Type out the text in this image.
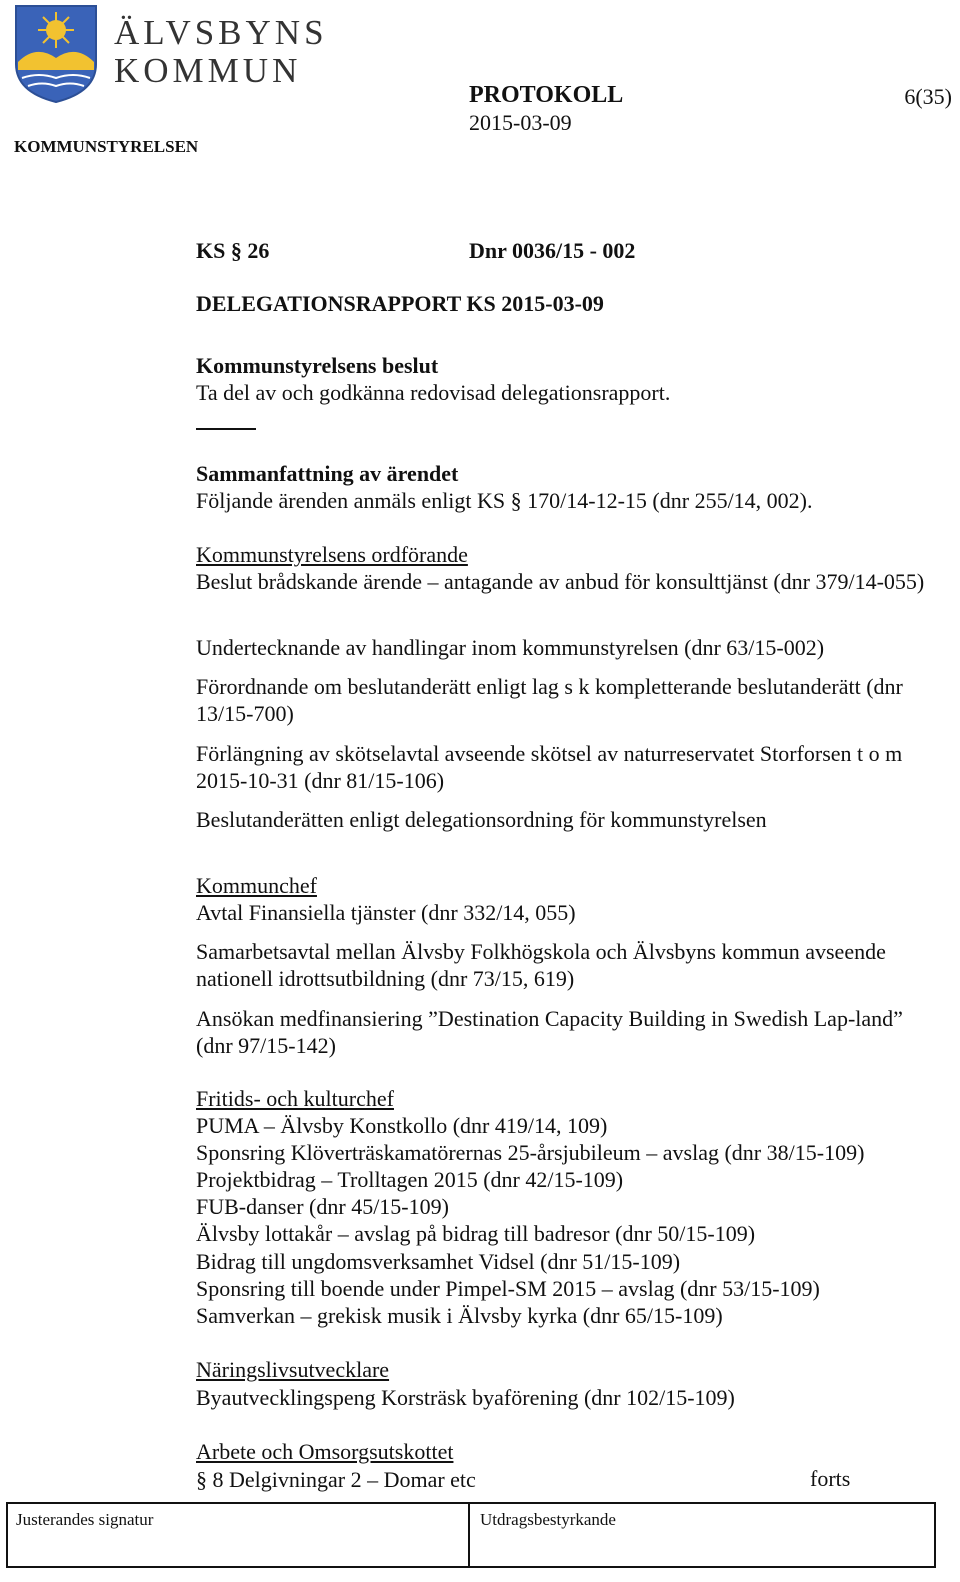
ÄLVSBYNS
KOMMUN
KOMMUNSTYRELSEN
PROTOKOLL
2015-03-09
6(35)
KS § 26	Dnr 0036/15 - 002
DELEGATIONSRAPPORT KS 2015-03-09
Kommunstyrelsens beslut
Ta del av och godkänna redovisad delegationsrapport.
Sammanfattning av ärendet
Följande ärenden anmäls enligt KS § 170/14-12-15 (dnr 255/14, 002).
Kommunstyrelsens ordförande
Beslut brådskande ärende – antagande av anbud för konsulttjänst (dnr 379/14-055)
Undertecknande av handlingar inom kommunstyrelsen (dnr 63/15-002)
Förordnande om beslutanderätt enligt lag s k kompletterande beslutanderätt (dnr 13/15-700)
Förlängning av skötselavtal avseende skötsel av naturreservatet Storforsen t o m 2015-10-31 (dnr 81/15-106)
Beslutanderätten enligt delegationsordning för kommunstyrelsen
Kommunchef
Avtal Finansiella tjänster (dnr 332/14, 055)
Samarbetsavtal mellan Älvsby Folkhögskola och Älvsbyns kommun avseende nationell idrottsutbildning (dnr 73/15, 619)
Ansökan medfinansiering ”Destination Capacity Building in Swedish Lap-land” (dnr 97/15-142)
Fritids- och kulturchef
PUMA – Älvsby Konstkollo (dnr 419/14, 109)
Sponsring Klöverträskamatörernas 25-årsjubileum – avslag (dnr 38/15-109)
Projektbidrag – Trolltagen 2015 (dnr 42/15-109)
FUB-danser (dnr 45/15-109)
Älvsby lottakår – avslag på bidrag till badresor (dnr 50/15-109)
Bidrag till ungdomsverksamhet Vidsel (dnr 51/15-109)
Sponsring till boende under Pimpel-SM 2015 – avslag (dnr 53/15-109)
Samverkan – grekisk musik i Älvsby kyrka (dnr 65/15-109)
Näringslivsutvecklare
Byautvecklingspeng Korsträsk byaförening (dnr 102/15-109)
Arbete och Omsorgsutskottet
§ 8 Delgivningar 2 – Domar etc	forts
Justerandes signatur	Utdragsbestyrkande
